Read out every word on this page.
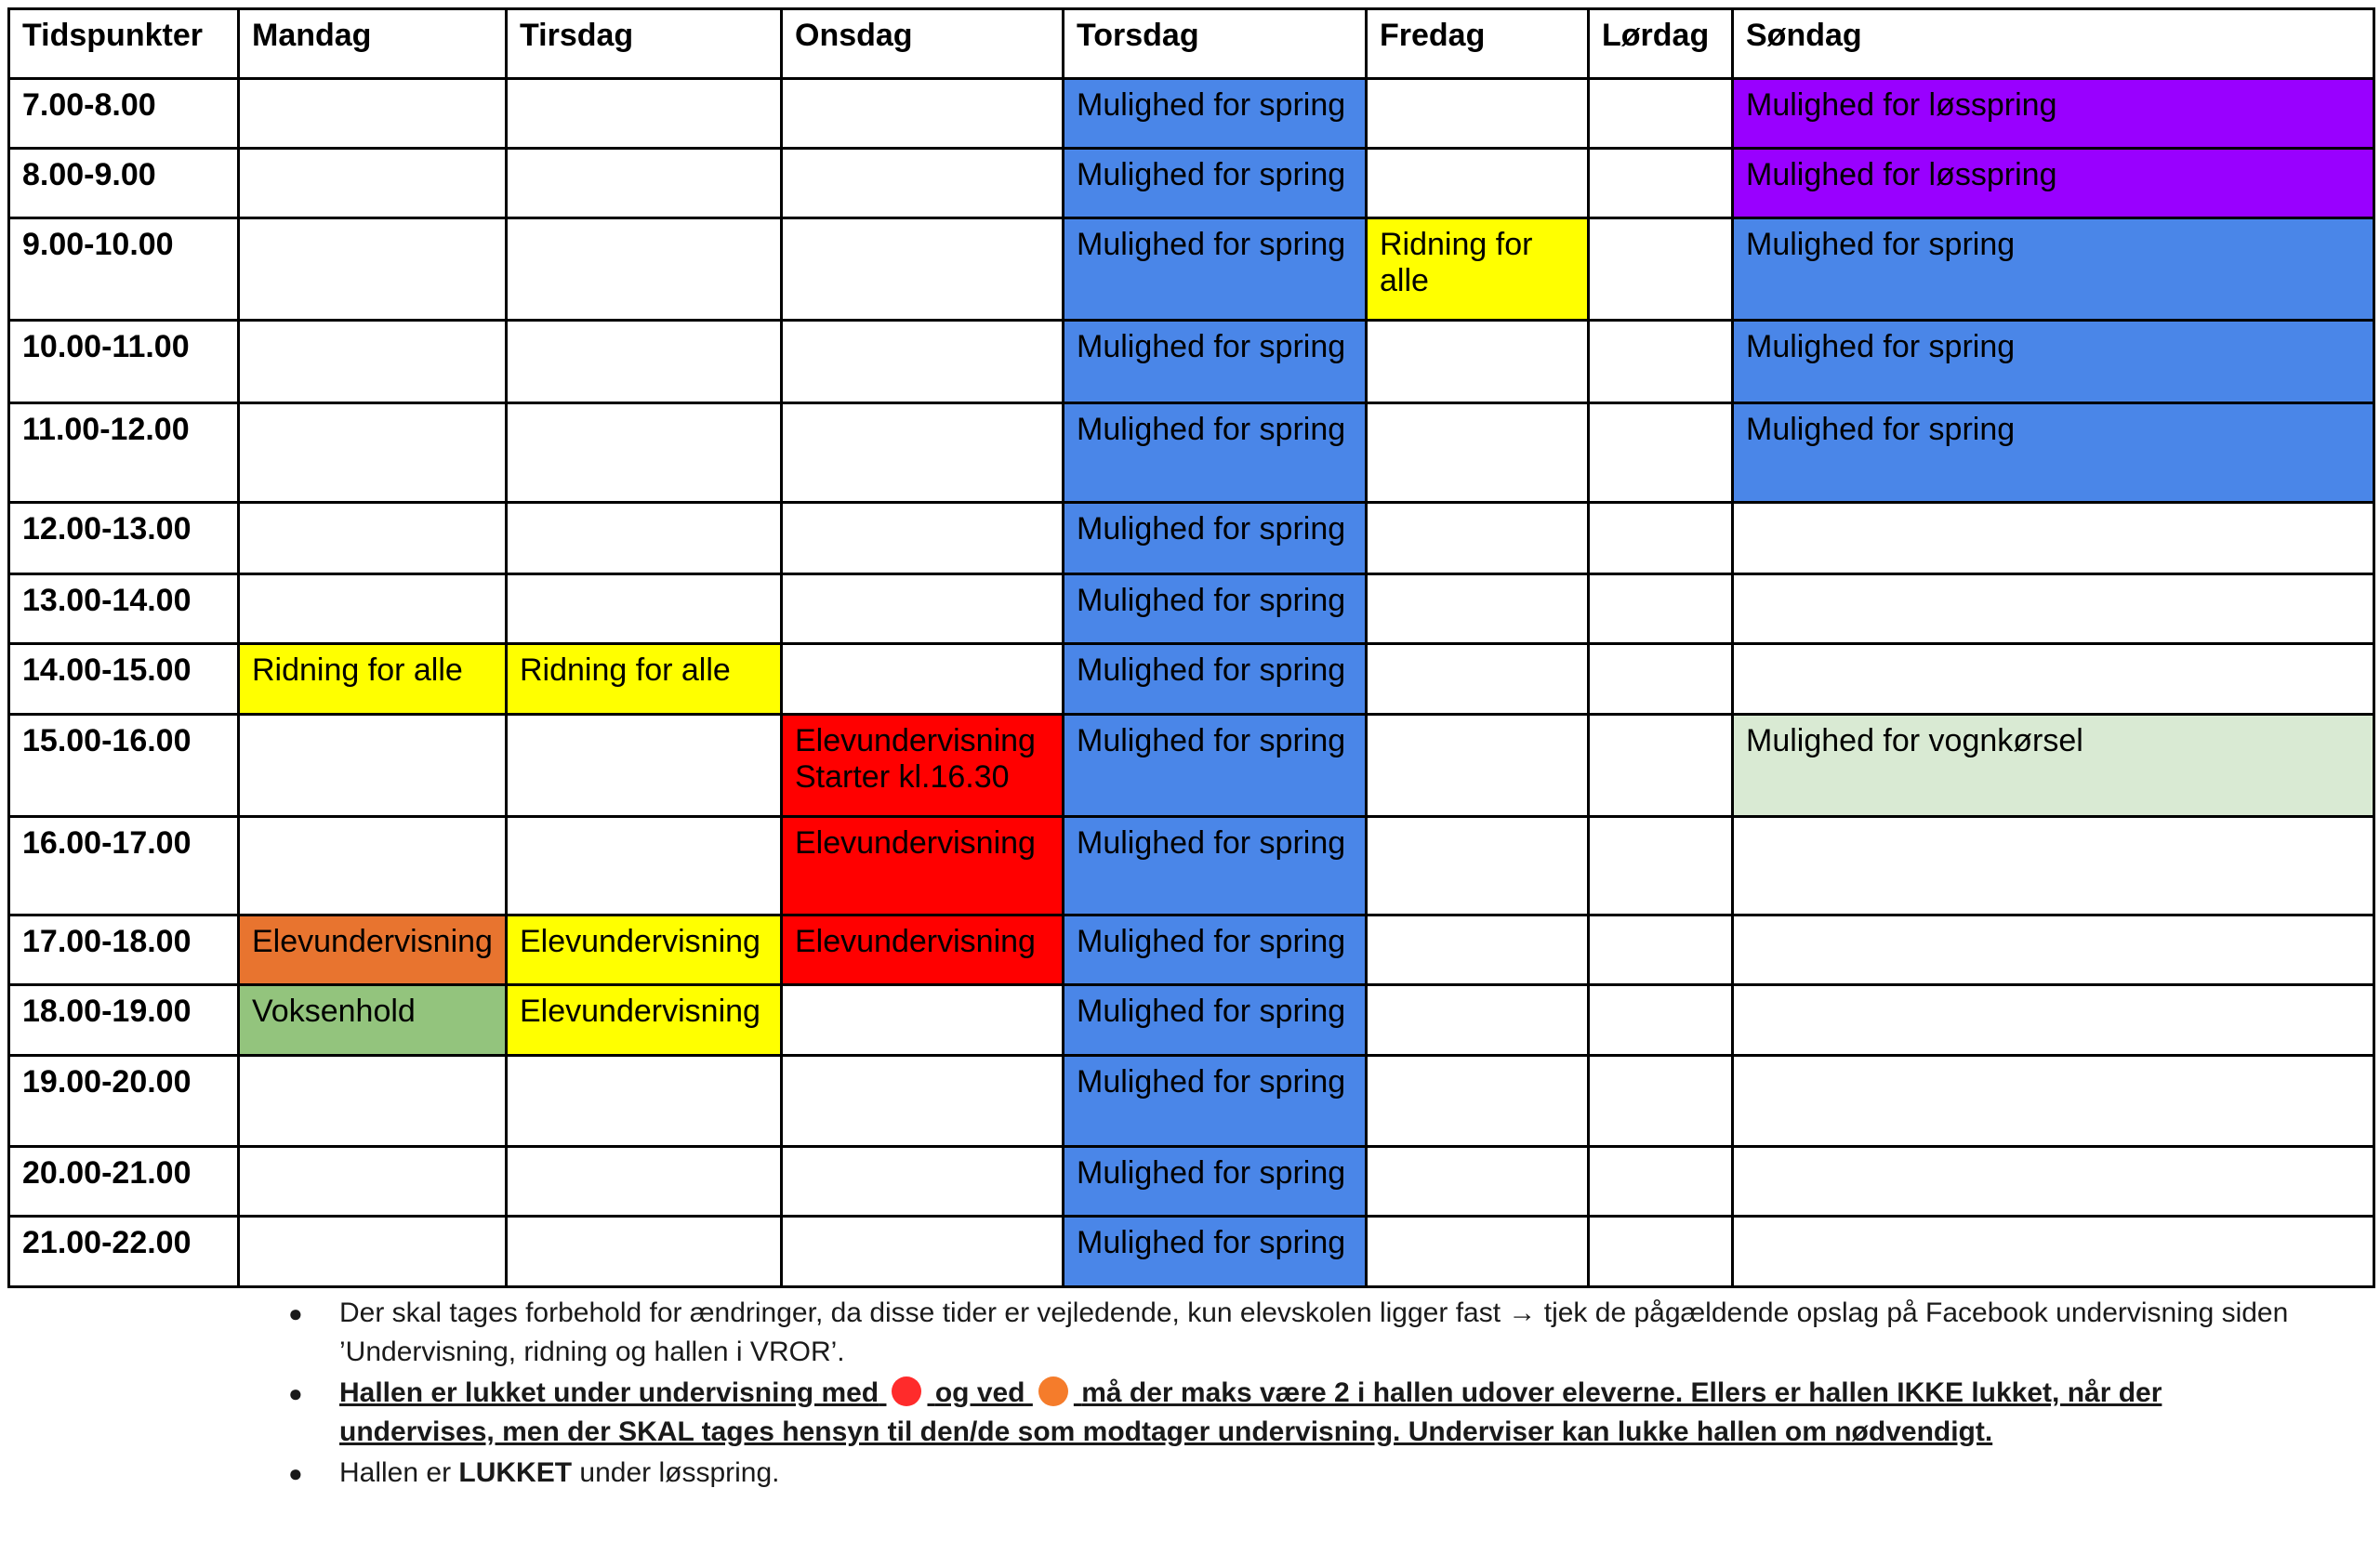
Tidspunkter	Mandag	Tirsdag	Onsdag	Torsdag	Fredag	Lørdag	Søndag
7.00-8.00				Mulighed for spring			Mulighed for løsspring
8.00-9.00				Mulighed for spring			Mulighed for løsspring
9.00-10.00				Mulighed for spring	Ridning for alle		Mulighed for spring
10.00-11.00				Mulighed for spring			Mulighed for spring
11.00-12.00				Mulighed for spring			Mulighed for spring
12.00-13.00				Mulighed for spring			
13.00-14.00				Mulighed for spring			
14.00-15.00	Ridning for alle	Ridning for alle		Mulighed for spring			
15.00-16.00			Elevundervisning Starter kl.16.30	Mulighed for spring			Mulighed for vognkørsel
16.00-17.00			Elevundervisning	Mulighed for spring			
17.00-18.00	Elevundervisning	Elevundervisning	Elevundervisning	Mulighed for spring			
18.00-19.00	Voksenhold	Elevundervisning		Mulighed for spring			
19.00-20.00				Mulighed for spring			
20.00-21.00				Mulighed for spring			
21.00-22.00				Mulighed for spring			
● Der skal tages forbehold for ændringer, da disse tider er vejledende, kun elevskolen ligger fast → tjek de pågældende opslag på Facebook undervisning siden ’Undervisning, ridning og hallen i VROR’.
● Hallen er lukket under undervisning med og ved må der maks være 2 i hallen udover eleverne. Ellers er hallen IKKE lukket, når der undervises, men der SKAL tages hensyn til den/de som modtager undervisning. Underviser kan lukke hallen om nødvendigt.
● Hallen er LUKKET under løsspring.
